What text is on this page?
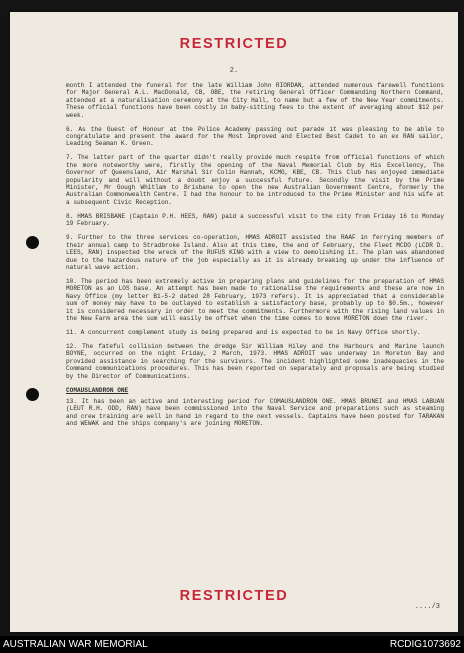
RESTRICTED
2.

month I attended the funeral for the late William John RIORDAN, attended numerous farewell functions for Major General A.L. MacDonald, CB, OBE, the retiring General Officer Commanding Northern Command, attended at a naturalisation ceremony at the City Hall, to name but a few of the New Year commitments. These official functions have been costly in baby-sitting fees to the extent of averaging about $12 per week.

6. As the Guest of Honour at the Police Academy passing out parade it was pleasing to be able to congratulate and present the award for the Most Improved and Elected Best Cadet to an ex RAN sailor, Leading Seaman K. Green.

7. The latter part of the quarter didn't really provide much respite from official functions of which the more noteworthy were, firstly the opening of the Naval Memorial Club by His Excellency, The Governor of Queensland, Air Marshal Sir Colin Hannah, KCMG, KBE, CB. This Club has enjoyed immediate popularity and will without a doubt enjoy a successful future. Secondly the visit by the Prime Minister, Mr Gough Whitlam to Brisbane to open the new Australian Government Centre, formerly the Australian Commonwealth Centre. I had the honour to be introduced to the Prime Minister and his wife at a subsequent Civic Reception.

8. HMAS BRISBANE (Captain P.H. HEES, RAN) paid a successful visit to the city from Friday 16 to Monday 19 February.

9. Further to the three services co-operation, HMAS ADROIT assisted the RAAF in ferrying members of their annual camp to Stradbroke Island. Also at this time, the end of February, the Fleet MCDO (LCDR D. LEES, RAN) inspected the wreck of the RUFUS KING with a view to demolishing it. The plan was abandoned due to the hazardous nature of the job especially as it is already breaking up under the influence of natural wave action.

10. The period has been extremely active in preparing plans and guidelines for the preparation of HMAS MORETON as an LOS base. An attempt has been made to rationalise the requirements and these are now in Navy Office (my letter B1-5-2 dated 28 February, 1973 refers). It is appreciated that a considerable sum of money may have to be outlayed to establish a satisfactory base, probably up to $0.5m., however it is considered necessary in order to meet the commitments. Furthermore with the rising land values in the New Farm area the sum will easily be offset when the time comes to move MORETON down the river.

11. A concurrent complement study is being prepared and is expected to be in Navy Office shortly.

12. The fateful collision between the dredge Sir William Hiley and the Harbours and Marine launch BOYNE, occurred on the night Friday, 2 March, 1973. HMAS ADROIT was underway in Moreton Bay and provided assistance in searching for the survivors. The incident highlighted some inadequacies in the Command communications procedures. This has been reported on separately and proposals are being studied by the Director of Communications.

COMAUSLANDRON ONE

13. It has been an active and interesting period for COMAUSLANDRON ONE. HMAS BRUNEI and HMAS LABUAN (LEUT R.H. ODD, RAN) have been commissioned into the Naval Service and preparations such as steaming and crew training are well in hand in regard to the next vessels. Captains have been posted for TARAKAN and WEWAK and the ships company's are joining MORETON.

RESTRICTED
..../3
AUSTRALIAN WAR MEMORIAL	RCDIG1073692
